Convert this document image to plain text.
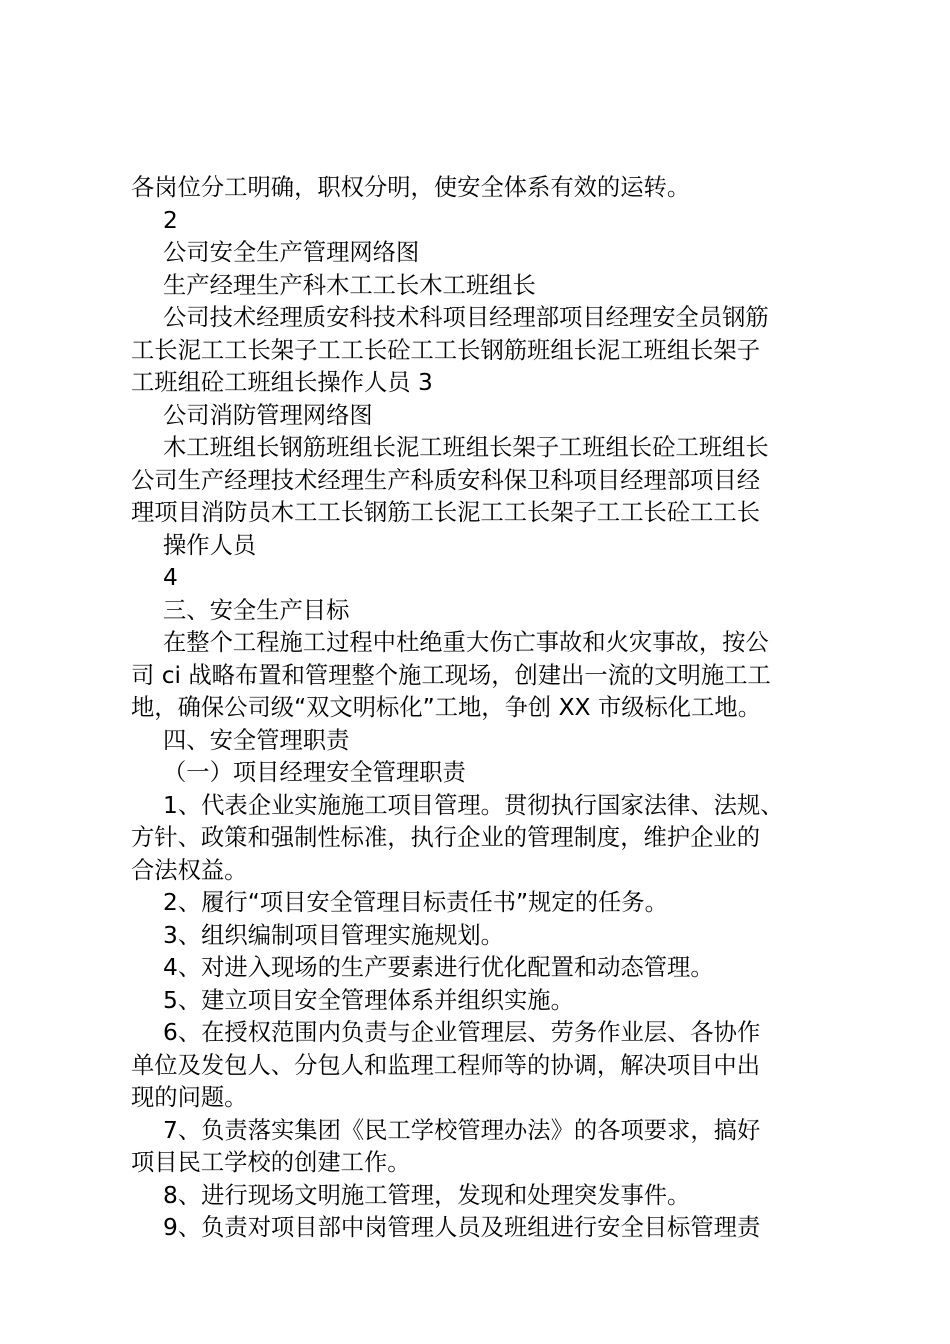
各岗位分工明确，职权分明，使安全体系有效的运转。
2
公司安全生产管理网络图
生产经理生产科木工工长木工班组长
公司技术经理质安科技术科项目经理部项目经理安全员钢筋
工长泥工工长架子工工长砼工工长钢筋班组长泥工班组长架子
工班组砼工班组长操作人员 3
公司消防管理网络图
木工班组长钢筋班组长泥工班组长架子工班组长砼工班组长
公司生产经理技术经理生产科质安科保卫科项目经理部项目经
理项目消防员木工工长钢筋工长泥工工长架子工工长砼工工长
操作人员
4
三、安全生产目标
在整个工程施工过程中杜绝重大伤亡事故和火灾事故，按公
司 ci 战略布置和管理整个施工现场，创建出一流的文明施工工
地，确保公司级“双文明标化”工地，争创 XX 市级标化工地。
四、安全管理职责
（一）项目经理安全管理职责
1、代表企业实施施工项目管理。贯彻执行国家法律、法规、
方针、政策和强制性标准，执行企业的管理制度，维护企业的
合法权益。
2、履行“项目安全管理目标责任书”规定的任务。
3、组织编制项目管理实施规划。
4、对进入现场的生产要素进行优化配置和动态管理。
5、建立项目安全管理体系并组织实施。
6、在授权范围内负责与企业管理层、劳务作业层、各协作
单位及发包人、分包人和监理工程师等的协调，解决项目中出
现的问题。
7、负责落实集团《民工学校管理办法》的各项要求，搞好
项目民工学校的创建工作。
8、进行现场文明施工管理，发现和处理突发事件。
9、负责对项目部中岗管理人员及班组进行安全目标管理责
